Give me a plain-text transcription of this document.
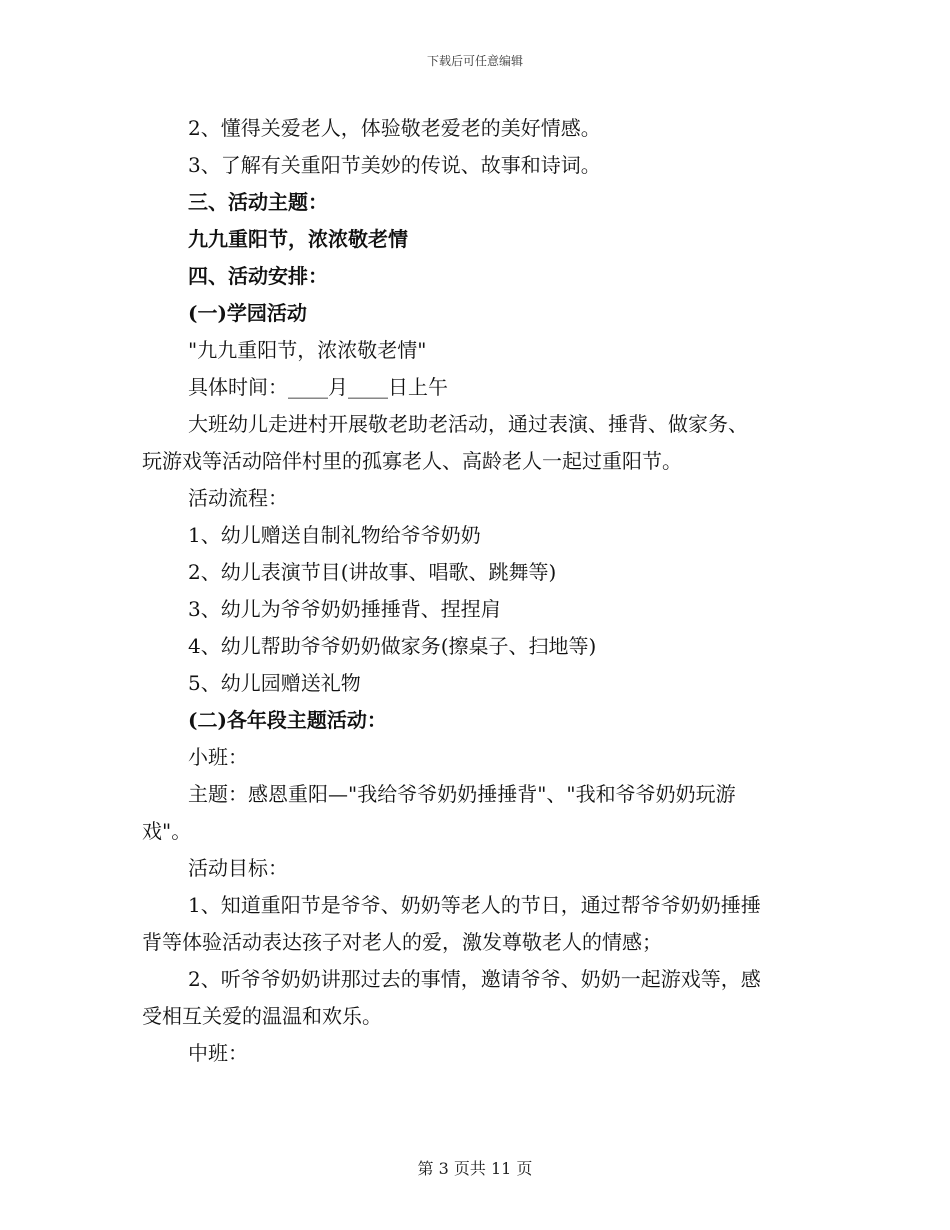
下载后可任意编辑
2、懂得关爱老人，体验敬老爱老的美好情感。
3、了解有关重阳节美妙的传说、故事和诗词。
三、活动主题：
九九重阳节，浓浓敬老情
四、活动安排：
(一)学园活动
"九九重阳节，浓浓敬老情"
具体时间：____月____日上午
大班幼儿走进村开展敬老助老活动，通过表演、捶背、做家务、
玩游戏等活动陪伴村里的孤寡老人、高龄老人一起过重阳节。
活动流程：
1、幼儿赠送自制礼物给爷爷奶奶
2、幼儿表演节目(讲故事、唱歌、跳舞等)
3、幼儿为爷爷奶奶捶捶背、捏捏肩
4、幼儿帮助爷爷奶奶做家务(擦桌子、扫地等)
5、幼儿园赠送礼物
(二)各年段主题活动：
小班：
主题：感恩重阳—"我给爷爷奶奶捶捶背"、"我和爷爷奶奶玩游
戏"。
活动目标：
1、知道重阳节是爷爷、奶奶等老人的节日，通过帮爷爷奶奶捶捶
背等体验活动表达孩子对老人的爱，激发尊敬老人的情感；
2、听爷爷奶奶讲那过去的事情，邀请爷爷、奶奶一起游戏等，感
受相互关爱的温温和欢乐。
中班：
第 3 页共 11 页
